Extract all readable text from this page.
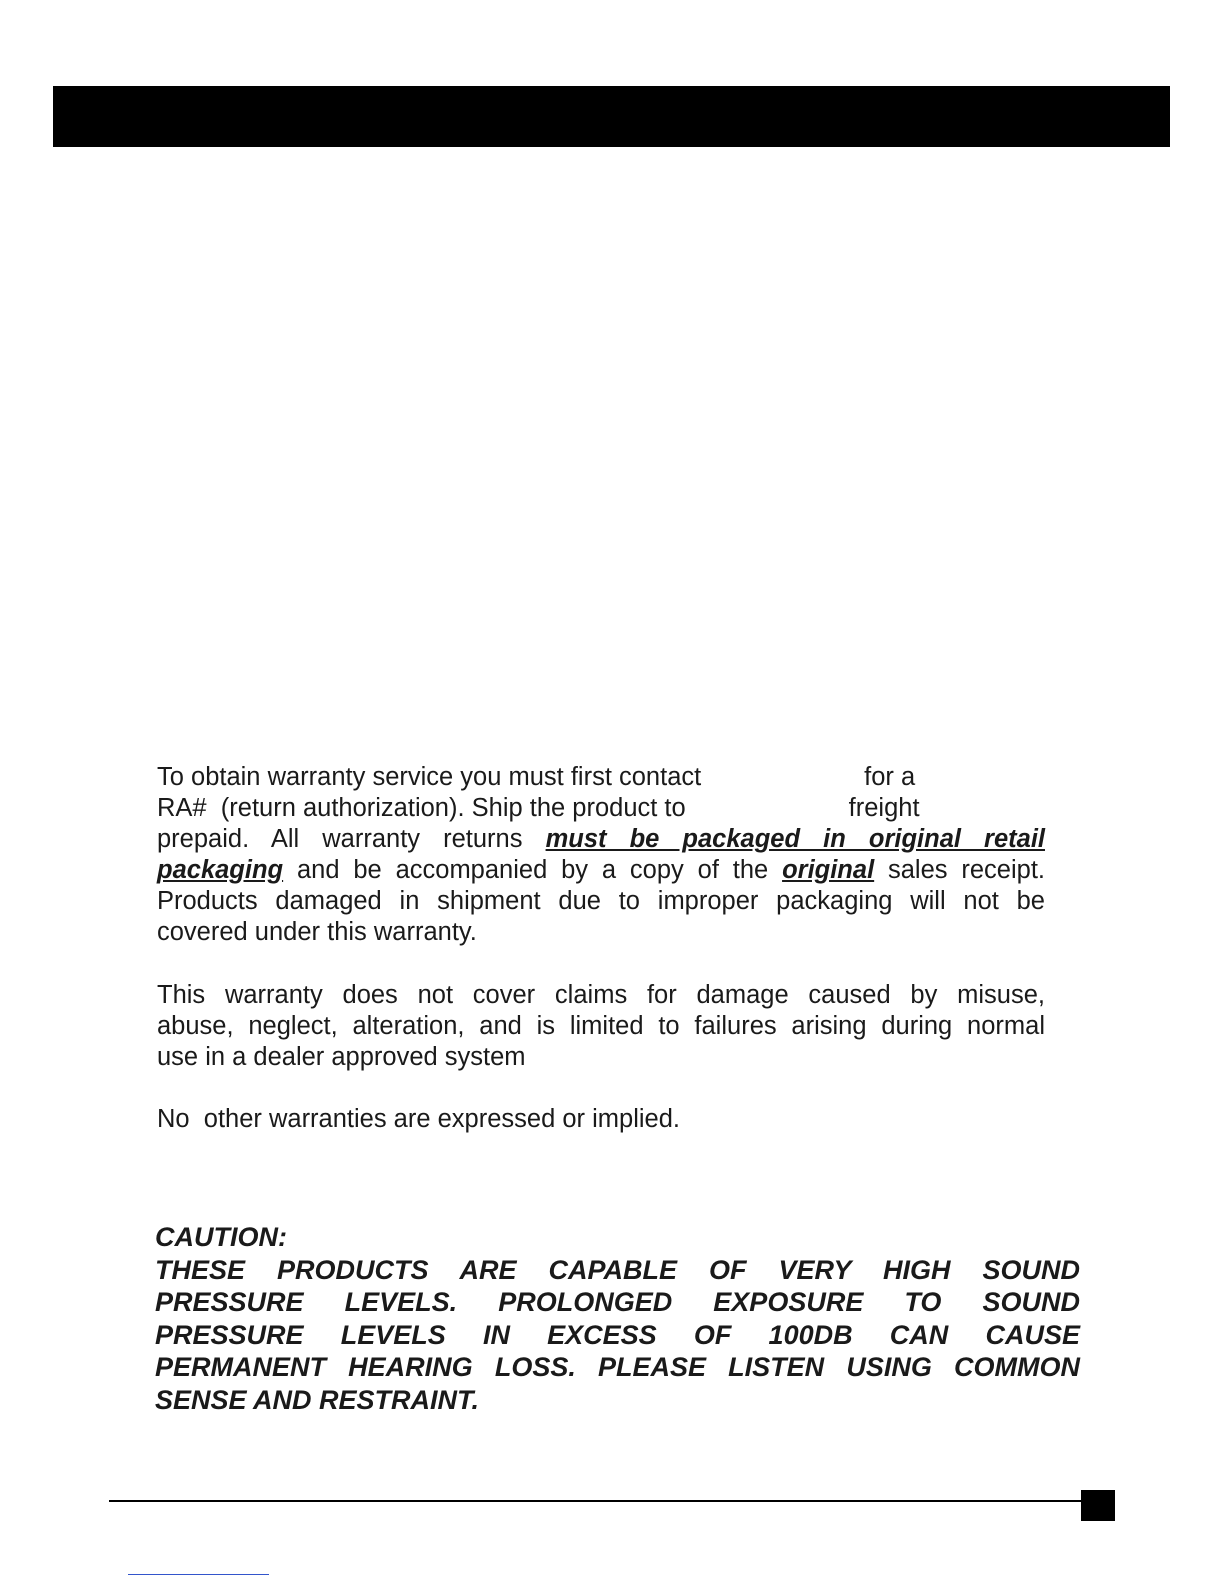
To obtain warranty service you must first contact                       for a
RA#  (return authorization). Ship the product to                       freight
prepaid. All warranty returns must be packaged in original retail
packaging and be accompanied by a copy of the original sales receipt.
Products damaged in shipment due to improper packaging will not be
covered under this warranty.
This warranty does not cover claims for damage caused by misuse,
abuse, neglect, alteration, and is limited to failures arising during normal
use in a dealer approved system
No  other warranties are expressed or implied.
CAUTION:
THESE PRODUCTS ARE CAPABLE OF VERY HIGH SOUND
PRESSURE LEVELS. PROLONGED EXPOSURE TO SOUND
PRESSURE LEVELS IN EXCESS OF 100DB CAN CAUSE
PERMANENT HEARING LOSS. PLEASE LISTEN USING COMMON
SENSE AND RESTRAINT.
